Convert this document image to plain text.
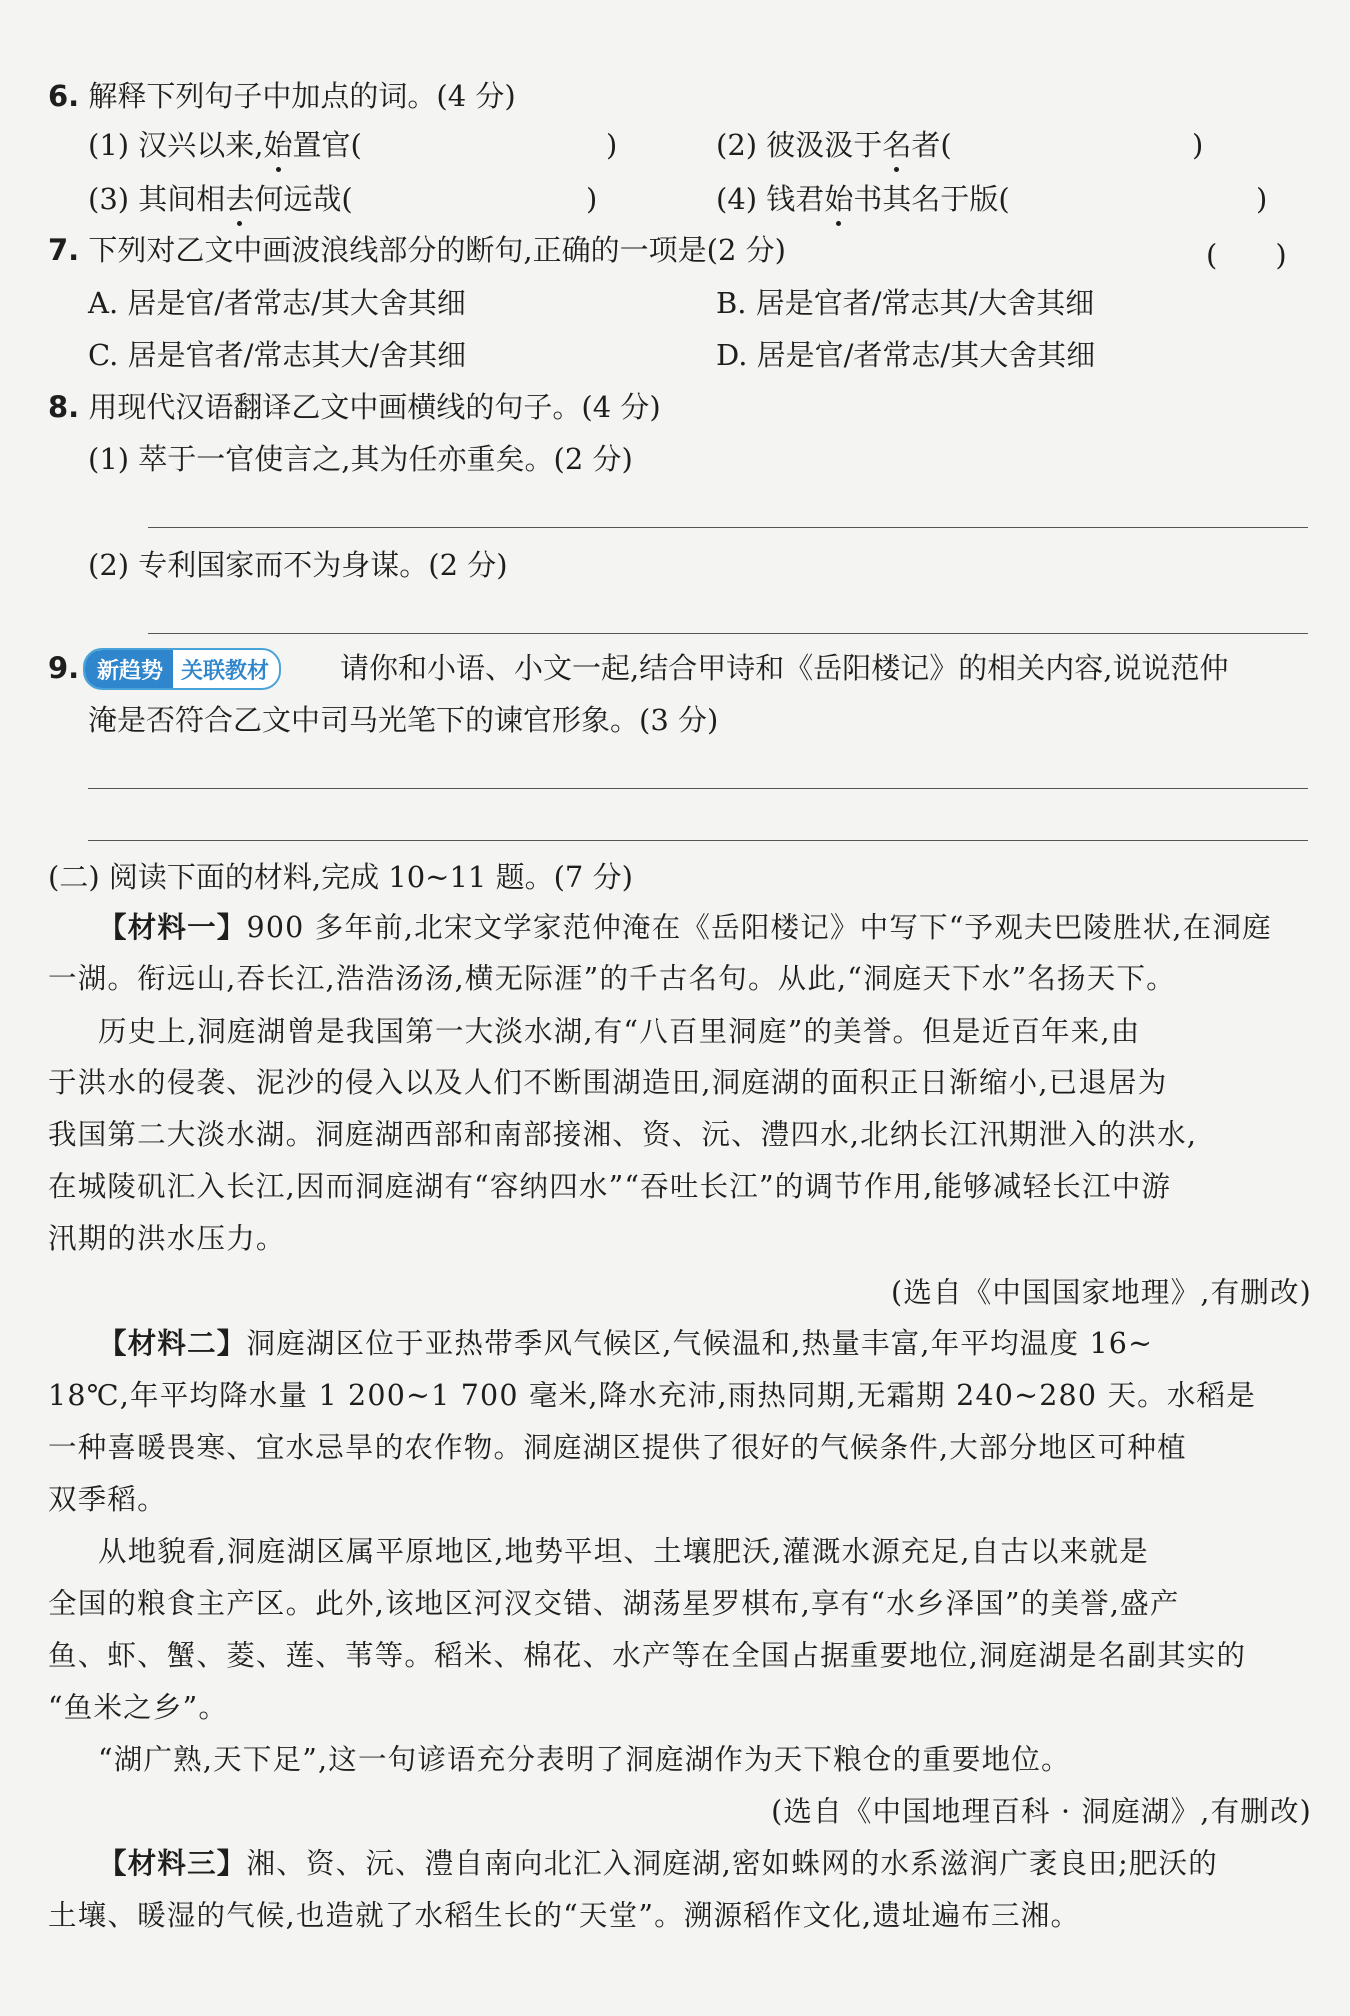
6. 解释下列句子中加点的词。(4 分)
(1) 汉兴以来,始置官(	)	(2) 彼汲汲于名者(	)
(3) 其间相去何远哉(	)	(4) 钱君始书其名于版(	)
7. 下列对乙文中画波浪线部分的断句,正确的一项是(2 分)	(　　)
A. 居是官/者常志/其大舍其细	B. 居是官者/常志其/大舍其细
C. 居是官者/常志其大/舍其细	D. 居是官/者常志/其大舍其细
8. 用现代汉语翻译乙文中画横线的句子。(4 分)
(1) 萃于一官使言之,其为任亦重矣。(2 分)
(2) 专利国家而不为身谋。(2 分)
9. 新趋势 关联教材	请你和小语、小文一起,结合甲诗和《岳阳楼记》的相关内容,说说范仲
淹是否符合乙文中司马光笔下的谏官形象。(3 分)
(二) 阅读下面的材料,完成 10~11 题。(7 分)
【材料一】900 多年前,北宋文学家范仲淹在《岳阳楼记》中写下“予观夫巴陵胜状,在洞庭
一湖。衔远山,吞长江,浩浩汤汤,横无际涯”的千古名句。从此,“洞庭天下水”名扬天下。
历史上,洞庭湖曾是我国第一大淡水湖,有“八百里洞庭”的美誉。但是近百年来,由
于洪水的侵袭、泥沙的侵入以及人们不断围湖造田,洞庭湖的面积正日渐缩小,已退居为
我国第二大淡水湖。洞庭湖西部和南部接湘、资、沅、澧四水,北纳长江汛期泄入的洪水,
在城陵矶汇入长江,因而洞庭湖有“容纳四水”“吞吐长江”的调节作用,能够减轻长江中游
汛期的洪水压力。
(选自《中国国家地理》,有删改)
【材料二】洞庭湖区位于亚热带季风气候区,气候温和,热量丰富,年平均温度 16~
18℃,年平均降水量 1 200~1 700 毫米,降水充沛,雨热同期,无霜期 240~280 天。水稻是
一种喜暖畏寒、宜水忌旱的农作物。洞庭湖区提供了很好的气候条件,大部分地区可种植
双季稻。
从地貌看,洞庭湖区属平原地区,地势平坦、土壤肥沃,灌溉水源充足,自古以来就是
全国的粮食主产区。此外,该地区河汊交错、湖荡星罗棋布,享有“水乡泽国”的美誉,盛产
鱼、虾、蟹、菱、莲、苇等。稻米、棉花、水产等在全国占据重要地位,洞庭湖是名副其实的
“鱼米之乡”。
“湖广熟,天下足”,这一句谚语充分表明了洞庭湖作为天下粮仓的重要地位。
(选自《中国地理百科 · 洞庭湖》,有删改)
【材料三】湘、资、沅、澧自南向北汇入洞庭湖,密如蛛网的水系滋润广袤良田;肥沃的
土壤、暖湿的气候,也造就了水稻生长的“天堂”。溯源稻作文化,遗址遍布三湘。
